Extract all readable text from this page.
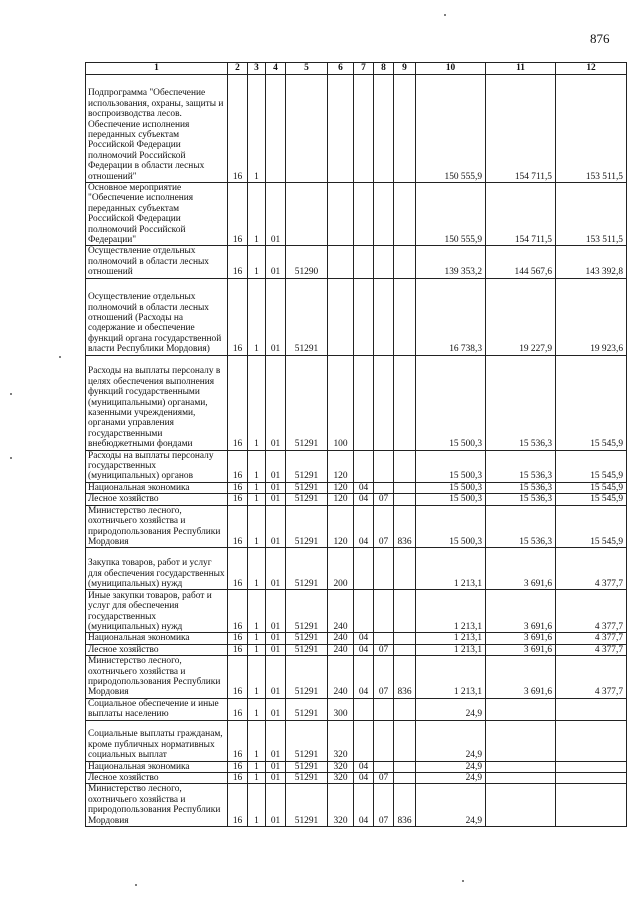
876
1	2	3	4	5	6	7	8	9	10	11	12
Подпрограмма "Обеспечение использования, охраны, защиты и воспроизводства лесов. Обеспечение исполнения переданных субъектам Российской Федерации полномочий Российской Федерации в области лесных отношений"	16	1							150 555,9	154 711,5	153 511,5
Основное мероприятие "Обеспечение исполнения переданных субъектам Российской Федерации полномочий Российской Федерации"	16	1	01						150 555,9	154 711,5	153 511,5
Осуществление отдельных полномочий в области лесных отношений	16	1	01	51290					139 353,2	144 567,6	143 392,8
Осуществление отдельных полномочий в области лесных отношений (Расходы на содержание и обеспечение функций органа государственной власти Республики Мордовия)	16	1	01	51291					16 738,3	19 227,9	19 923,6
Расходы на выплаты персоналу в целях обеспечения выполнения функций государственными (муниципальными) органами, казенными учреждениями, органами управления государственными внебюджетными фондами	16	1	01	51291	100				15 500,3	15 536,3	15 545,9
Расходы на выплаты персоналу государственных (муниципальных) органов	16	1	01	51291	120				15 500,3	15 536,3	15 545,9
Национальная экономика	16	1	01	51291	120	04			15 500,3	15 536,3	15 545,9
Лесное хозяйство	16	1	01	51291	120	04	07		15 500,3	15 536,3	15 545,9
Министерство лесного, охотничьего хозяйства и природопользования Республики Мордовия	16	1	01	51291	120	04	07	836	15 500,3	15 536,3	15 545,9
Закупка товаров, работ и услуг для обеспечения государственных (муниципальных) нужд	16	1	01	51291	200				1 213,1	3 691,6	4 377,7
Иные закупки товаров, работ и услуг для обеспечения государственных (муниципальных) нужд	16	1	01	51291	240				1 213,1	3 691,6	4 377,7
Национальная экономика	16	1	01	51291	240	04			1 213,1	3 691,6	4 377,7
Лесное хозяйство	16	1	01	51291	240	04	07		1 213,1	3 691,6	4 377,7
Министерство лесного, охотничьего хозяйства и природопользования Республики Мордовия	16	1	01	51291	240	04	07	836	1 213,1	3 691,6	4 377,7
Социальное обеспечение и иные выплаты населению	16	1	01	51291	300				24,9		
Социальные выплаты гражданам, кроме публичных нормативных социальных выплат	16	1	01	51291	320				24,9		
Национальная экономика	16	1	01	51291	320	04			24,9		
Лесное хозяйство	16	1	01	51291	320	04	07		24,9		
Министерство лесного, охотничьего хозяйства и природопользования Республики Мордовия	16	1	01	51291	320	04	07	836	24,9		
